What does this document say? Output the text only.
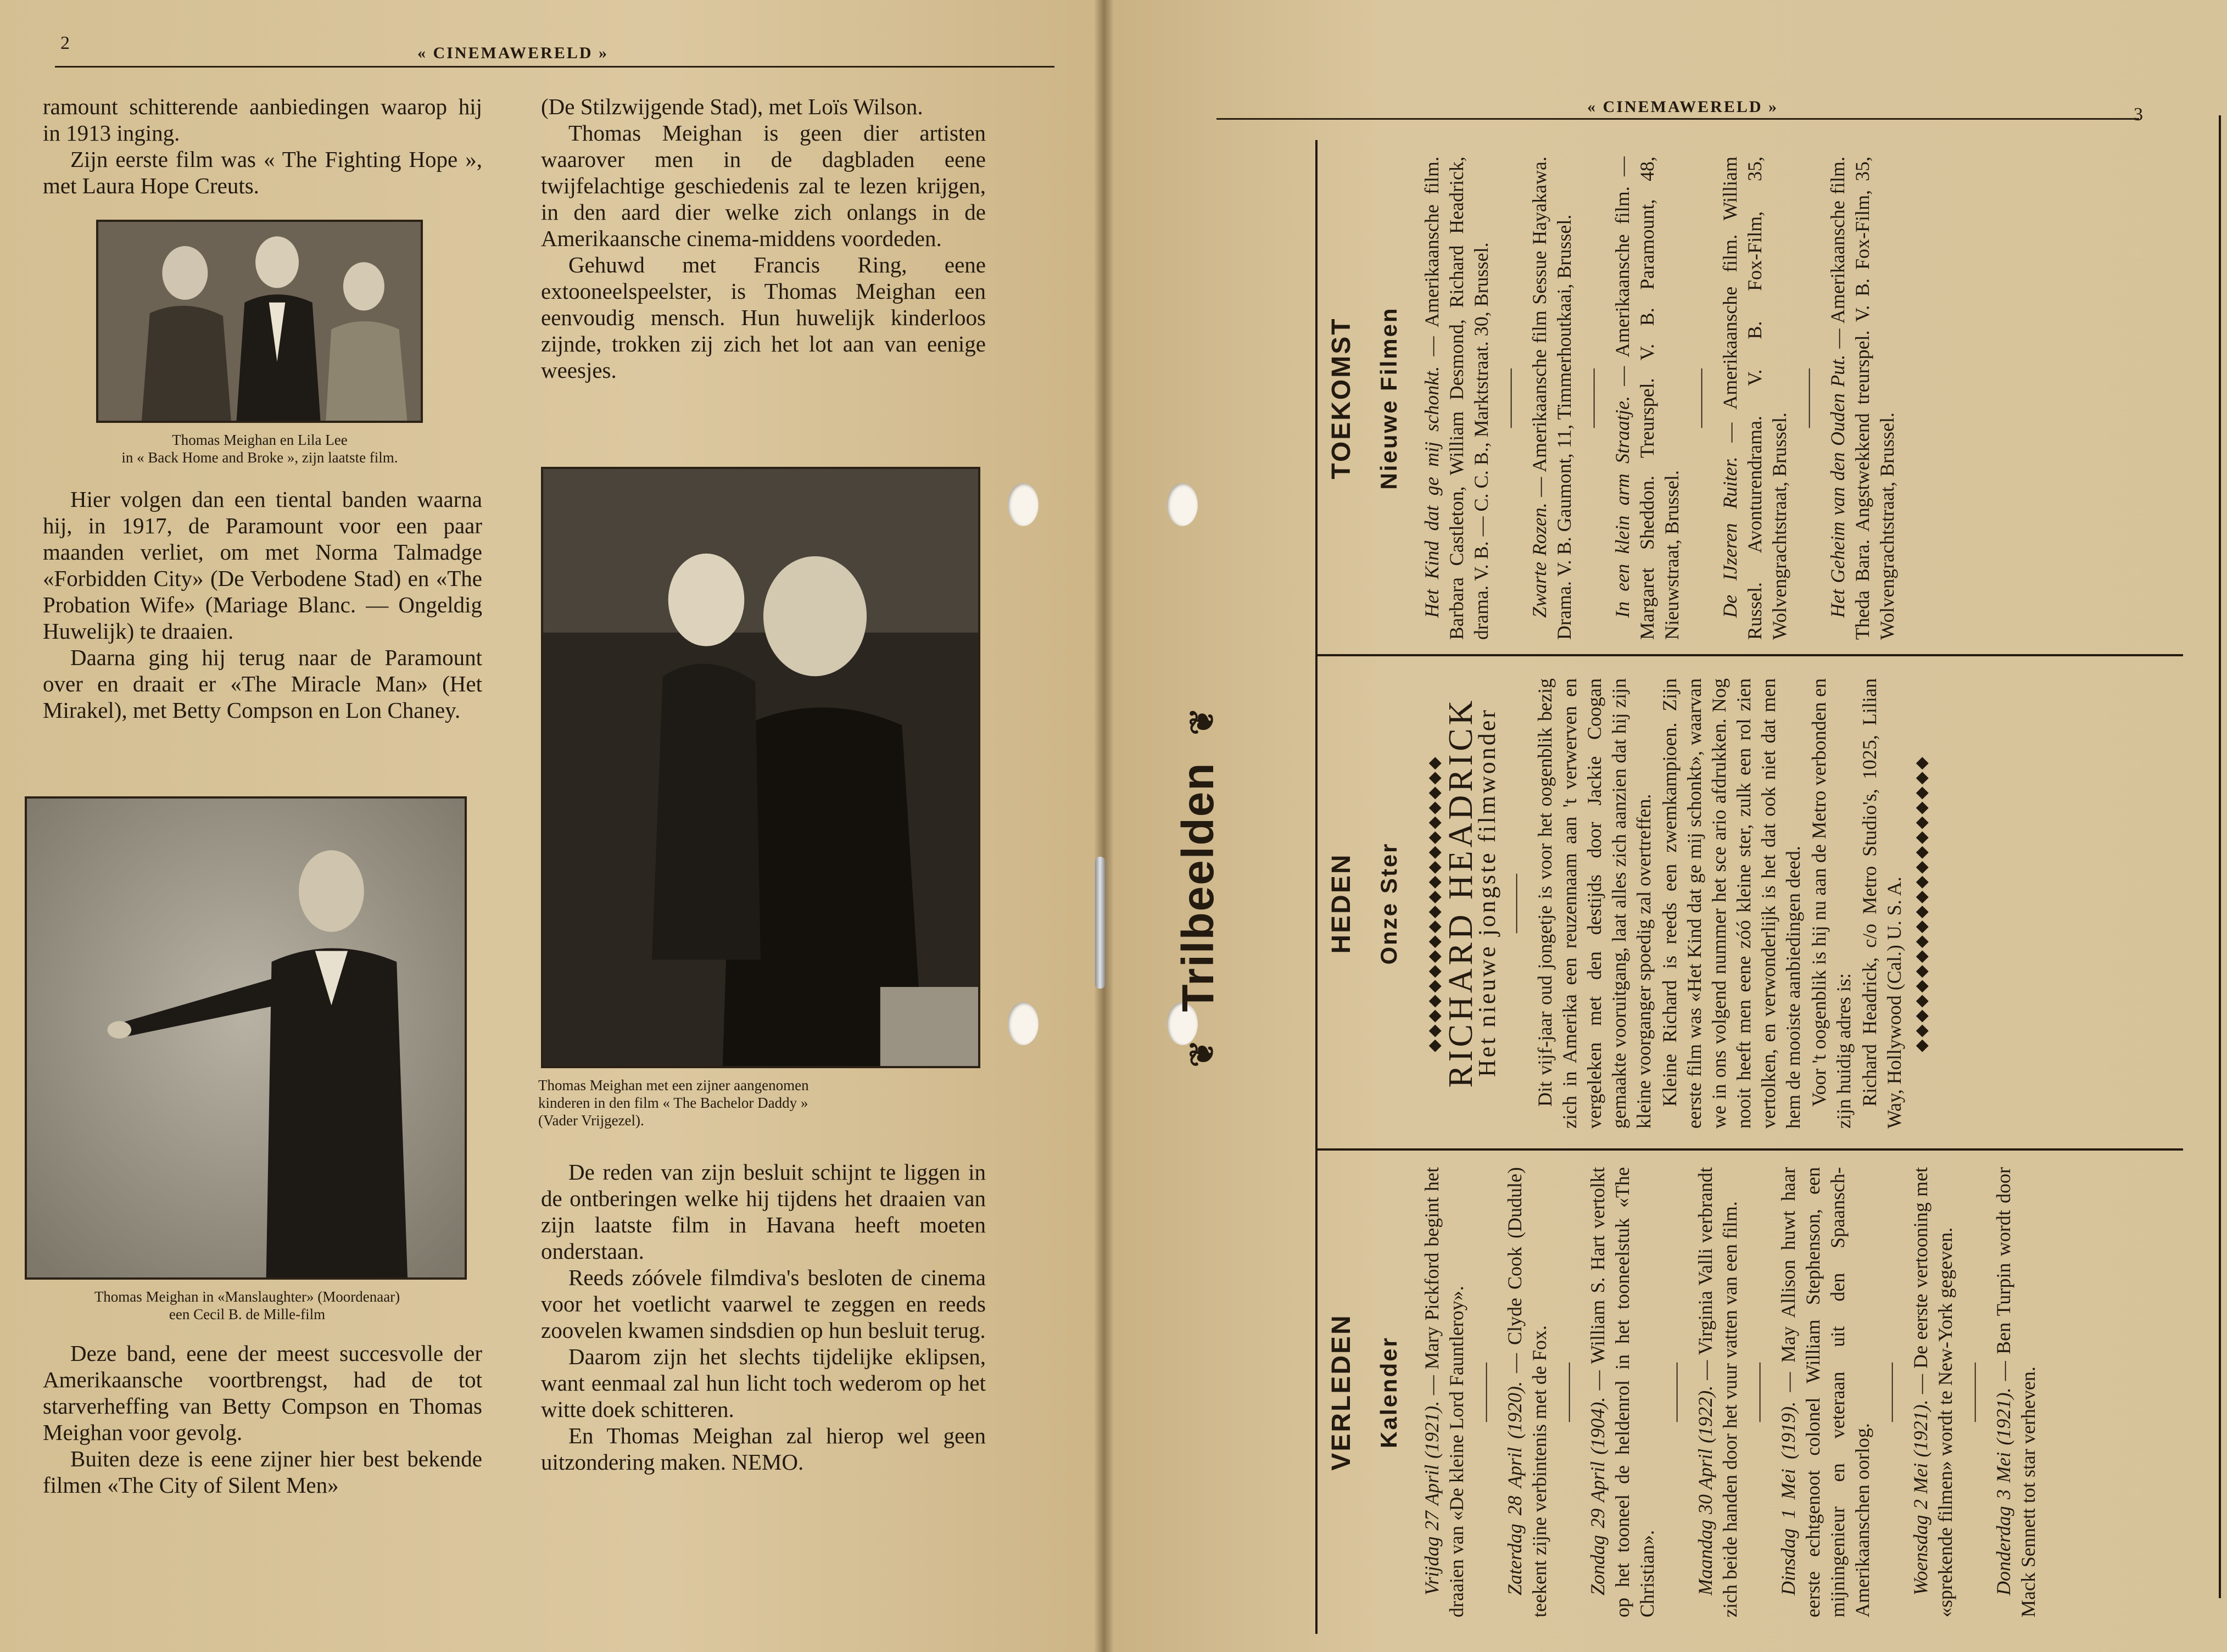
2	« CINEMAWERELD »

ramount schitterende aanbiedingen waarop hij in 1913 inging.

Zijn eerste film was « The Fighting Hope », met Laura Hope Creuts.

Thomas Meighan en Lila Lee
in « Back Home and Broke », zijn laatste film.

Hier volgen dan een tiental banden waarna hij, in 1917, de Paramount voor een paar maanden verliet, om met Norma Talmadge «Forbidden City» (De Verbodene Stad) en «The Probation Wife» (Mariage Blanc. — Ongeldig Huwelijk) te draaien.

Daarna ging hij terug naar de Paramount over en draait er «The Miracle Man» (Het Mirakel), met Betty Compson en Lon Chaney.

Thomas Meighan in «Manslaughter» (Moordenaar)
een Cecil B. de Mille-film

Deze band, eene der meest succesvolle der Amerikaansche voortbrengst, had de tot starverheffing van Betty Compson en Thomas Meighan voor gevolg.

Buiten deze is eene zijner hier best bekende filmen «The City of Silent Men»

(De Stilzwijgende Stad), met Loïs Wilson.

Thomas Meighan is geen dier artisten waarover men in de dagbladen eene twijfelachtige geschiedenis zal te lezen krijgen, in den aard dier welke zich onlangs in de Amerikaansche cinema-middens voordeden.

Gehuwd met Francis Ring, eene extooneelspeelster, is Thomas Meighan een eenvoudig mensch. Hun huwelijk kinderloos zijnde, trokken zij zich het lot aan van eenige weesjes.

Thomas Meighan met een zijner aangenomen
kinderen in den film « The Bachelor Daddy »
(Vader Vrijgezel).

De reden van zijn besluit schijnt te liggen in de ontberingen welke hij tijdens het draaien van zijn laatste film in Havana heeft moeten onderstaan.

Reeds zóóvele filmdiva's besloten de cinema voor het voetlicht vaarwel te zeggen en reeds zoovelen kwamen sindsdien op hun besluit terug.

Daarom zijn het slechts tijdelijke eklipsen, want eenmaal zal hun licht toch wederom op het witte doek schitteren.

En Thomas Meighan zal hierop wel geen uitzondering maken. NEMO.

« CINEMAWERELD »	3
❦ Trilbeelden ❦
VERLEDEN Kalender

Vrijdag 27 April (1921). — Mary Pickford begint het draaien van «De kleine Lord Fauntleroy». ——— Zaterdag 28 April (1920). — Clyde Cook (Dudule) teekent zijne verbintenis met de Fox. ———

Zondag 29 April (1904). — William S. Hart vertolkt op het tooneel de heldenrol in het tooneelstuk «The Christian».

——— Maandag 30 April (1922). — Virginia Valli verbrandt zich beide handen door het vuur vatten van een film. ———

Dinsdag 1 Mei (1919). — May Allison huwt haar eerste echtgenoot colonel William Stephenson, een mijningenieur en veteraan uit den Spaansch-Amerikaanschen oorlog.

———

Woensdag 2 Mei (1921). — De eerste vertooning met «sprekende filmen» wordt te New-York gegeven. ——— Donderdag 3 Mei (1921). — Ben Turpin wordt door Mack Sennett tot star verheven.

HEDEN Onze Ster ◆◆◆◆◆◆◆◆◆◆◆◆◆◆◆◆◆◆◆◆

RICHARD HEADRICK

Het nieuwe jongste filmwonder ——— Dit vijf-jaar oud jongetje is voor het oogenblik bezig zich in Amerika een reuzennaam aan 't verwerven en vergeleken met den destijds door Jackie Coogan gemaakte vooruitgang, laat alles zich aanzien dat hij zijn kleine voorganger spoedig zal overtreffen. Kleine Richard is reeds een zwemkampioen. Zijn eerste film was «Het Kind dat ge mij schonkt», waarvan we in ons volgend nummer het sce ario afdrukken. Nog nooit heeft men eene zóó kleine ster, zulk een rol zien vertolken, en verwonderlijk is het dat ook niet dat men hem de mooiste aanbiedingen deed. Voor 't oogenblik is hij nu aan de Metro verbonden en zijn huidig adres is: Richard Headrick, c/o Metro Studio's, 1025, Lilian Way, Hollywood (Cal.) U. S. A. ◆◆◆◆◆◆◆◆◆◆◆◆◆◆◆◆◆◆◆◆
TOEKOMST Nieuwe Filmen Het Kind dat ge mij schonkt. — Amerikaansche film. Barbara Castleton, William Desmond, Richard Headrick, drama. V. B. — C. C. B., Marktstraat. 30, Brussel. ———

Zwarte Rozen. — Amerikaansche film Sessue Hayakawa. Drama. V. B. Gaumont, 11, Timmerhoutkaai, Brussel. ——— In een klein arm Straatje. — Amerikaansche film. — Margaret Sheddon. Treurspel. V. B. Paramount, 48, Nieuwstraat, Brussel.

———

De IJzeren Ruiter. — Amerikaansche film. William Russel. Avonturendrama. V. B. Fox-Film, 35, Wolvengrachtstraat, Brussel.

——— Het Geheim van den Ouden Put. — Amerikaansche film. Theda Bara. Angstwekkend treurspel. V. B. Fox-Film, 35, Wolvengrachtstraat, Brussel.
